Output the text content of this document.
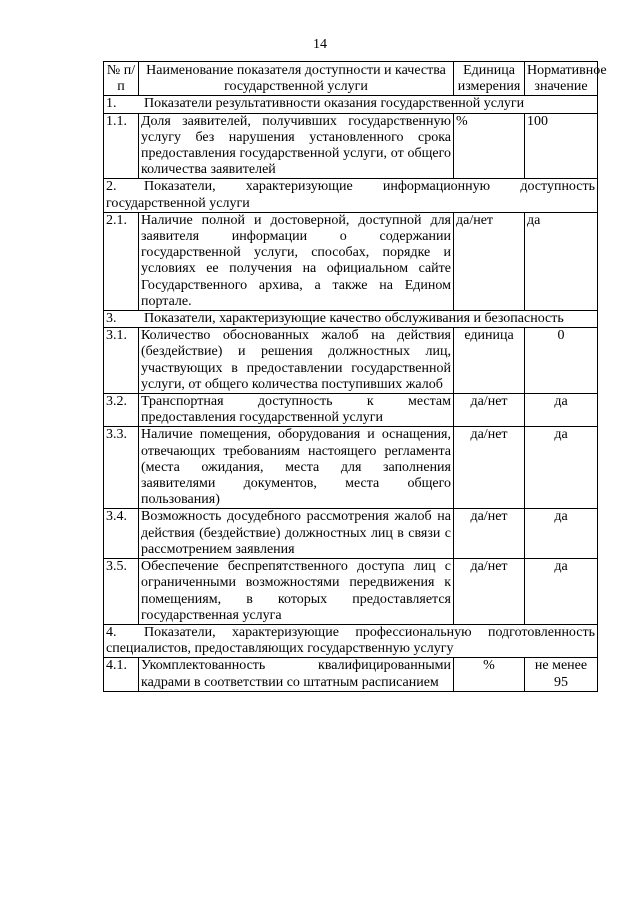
14
№ п/п	Наименование показателя доступности и качества государственной услуги	Единица измерения	Нормативное значение
1. Показатели результативности оказания государственной услуги			
1.1.	Доля заявителей, получивших государственную услугу без нарушения установленного срока предоставления государственной услуги, от общего количества заявителей	%	100
2. Показатели, характеризующие информационную доступность государственной услуги			
2.1.	Наличие полной и достоверной, доступной для заявителя информации о содержании государственной услуги, способах, порядке и условиях ее получения на официальном сайте Государственного архива, а также на Едином портале.	да/нет	да
3. Показатели, характеризующие качество обслуживания и безопасность			
3.1.	Количество обоснованных жалоб на действия (бездействие) и решения должностных лиц, участвующих в предоставлении государственной услуги, от общего количества поступивших жалоб	единица	0
3.2.	Транспортная доступность к местам предоставления государственной услуги	да/нет	да
3.3.	Наличие помещения, оборудования и оснащения, отвечающих требованиям настоящего регламента (места ожидания, места для заполнения заявителями документов, места общего пользования)	да/нет	да
3.4.	Возможность досудебного рассмотрения жалоб на действия (бездействие) должностных лиц в связи с рассмотрением заявления	да/нет	да
3.5.	Обеспечение беспрепятственного доступа лиц с ограниченными возможностями передвижения к помещениям, в которых предоставляется государственная услуга	да/нет	да
4. Показатели, характеризующие профессиональную подготовленность специалистов, предоставляющих государственную услугу			
4.1.	Укомплектованность квалифицированными кадрами в соответствии со штатным расписанием	%	не менее 95
